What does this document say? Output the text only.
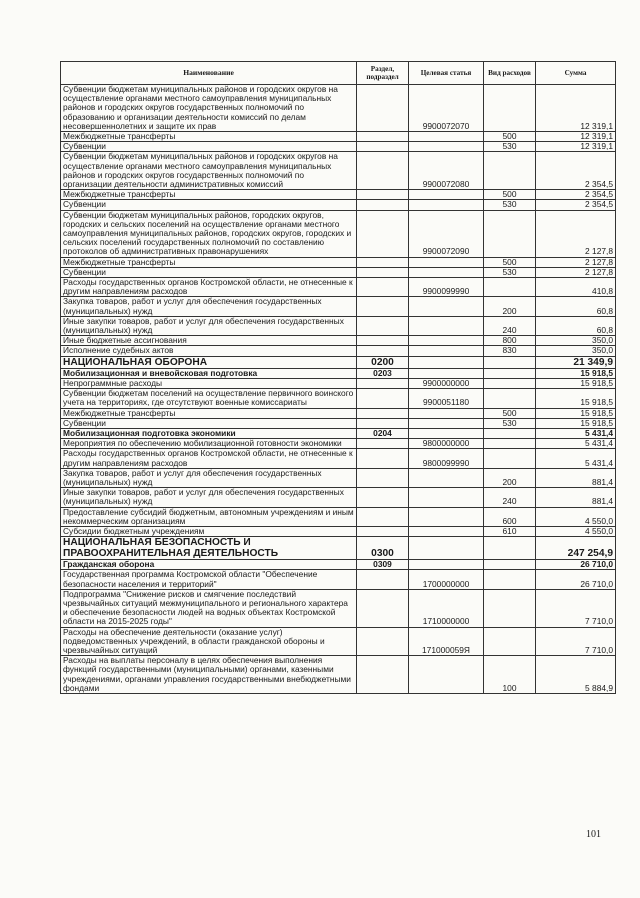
Наименование	Раздел, подраздел	Целевая статья	Вид расходов	Сумма
Субвенции бюджетам муниципальных районов и городских округов на осуществление органами местного самоуправления муниципальных районов и городских округов государственных полномочий по образованию и организации деятельности комиссий по делам несовершеннолетних и защите их прав		9900072070		12 319,1
Межбюджетные трансферты			500	12 319,1
Субвенции			530	12 319,1
Субвенции бюджетам муниципальных районов и городских округов на осуществление органами местного самоуправления муниципальных районов и городских округов государственных полномочий по организации деятельности административных комиссий		9900072080		2 354,5
Межбюджетные трансферты			500	2 354,5
Субвенции			530	2 354,5
Субвенции бюджетам муниципальных районов, городских округов, городских и сельских поселений на осуществление органами местного самоуправления муниципальных районов, городских округов, городских и сельских поселений государственных полномочий по составлению протоколов об административных правонарушениях		9900072090		2 127,8
Межбюджетные трансферты			500	2 127,8
Субвенции			530	2 127,8
Расходы государственных органов Костромской области, не отнесенные к другим направлениям расходов		9900099990		410,8
Закупка товаров, работ и услуг для обеспечения государственных (муниципальных) нужд			200	60,8
Иные закупки товаров, работ и услуг для обеспечения государственных (муниципальных) нужд			240	60,8
Иные бюджетные ассигнования			800	350,0
Исполнение судебных актов			830	350,0
НАЦИОНАЛЬНАЯ ОБОРОНА	0200			21 349,9
Мобилизационная и вневойсковая подготовка	0203			15 918,5
Непрограммные расходы		9900000000		15 918,5
Субвенции бюджетам поселений на осуществление первичного воинского учета на территориях, где отсутствуют военные комиссариаты		9900051180		15 918,5
Межбюджетные трансферты			500	15 918,5
Субвенции			530	15 918,5
Мобилизационная подготовка экономики	0204			5 431,4
Мероприятия по обеспечению мобилизационной готовности экономики		9800000000		5 431,4
Расходы государственных органов Костромской области, не отнесенные к другим направлениям расходов		9800099990		5 431,4
Закупка товаров, работ и услуг для обеспечения государственных (муниципальных) нужд			200	881,4
Иные закупки товаров, работ и услуг для обеспечения государственных (муниципальных) нужд			240	881,4
Предоставление субсидий бюджетным, автономным учреждениям и иным некоммерческим организациям			600	4 550,0
Субсидии бюджетным учреждениям			610	4 550,0
НАЦИОНАЛЬНАЯ БЕЗОПАСНОСТЬ И ПРАВООХРАНИТЕЛЬНАЯ ДЕЯТЕЛЬНОСТЬ	0300			247 254,9
Гражданская оборона	0309			26 710,0
Государственная программа Костромской области "Обеспечение безопасности населения и территорий"		1700000000		26 710,0
Подпрограмма "Снижение рисков и смягчение последствий чрезвычайных ситуаций межмуниципального и регионального характера и обеспечение безопасности людей на водных объектах Костромской области на 2015-2025 годы"		1710000000		7 710,0
Расходы на обеспечение деятельности (оказание услуг) подведомственных учреждений, в области гражданской обороны и чрезвычайных ситуаций		171000059Я		7 710,0
Расходы на выплаты персоналу в целях обеспечения выполнения функций государственными (муниципальными) органами, казенными учреждениями, органами управления государственными внебюджетными фондами			100	5 884,9
101
